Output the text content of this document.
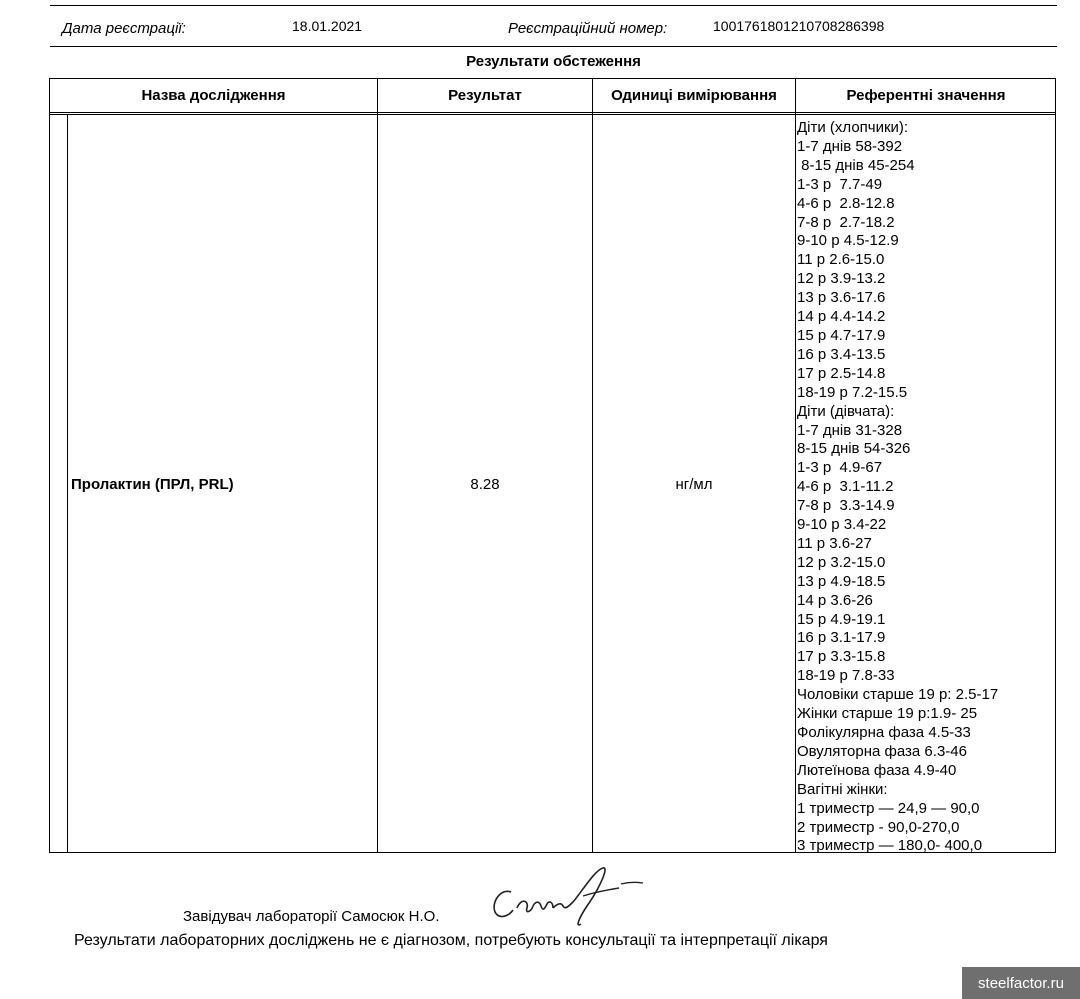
Дата реєстрації:	18.01.2021	Реєстраційний номер:	1001761801210708286398
Результати обстеження
Назва дослідження	Результат	Одиниці вимірювання	Референтні значення
Пролактин (ПРЛ, PRL)	8.28	нг/мл
Діти (хлопчики):
1-7 днів 58-392
8-15 днів 45-254
1-3 р  7.7-49
4-6 р  2.8-12.8
7-8 р  2.7-18.2
9-10 р 4.5-12.9
11 р 2.6-15.0
12 р 3.9-13.2
13 р 3.6-17.6
14 р 4.4-14.2
15 р 4.7-17.9
16 р 3.4-13.5
17 р 2.5-14.8
18-19 р 7.2-15.5
Діти (дівчата):
1-7 днів 31-328
8-15 днів 54-326
1-3 р  4.9-67
4-6 р  3.1-11.2
7-8 р  3.3-14.9
9-10 р 3.4-22
11 р 3.6-27
12 р 3.2-15.0
13 р 4.9-18.5
14 р 3.6-26
15 р 4.9-19.1
16 р 3.1-17.9
17 р 3.3-15.8
18-19 р 7.8-33
Чоловіки старше 19 р: 2.5-17
Жінки старше 19 р:1.9- 25
Фолікулярна фаза 4.5-33
Овуляторна фаза 6.3-46
Лютеїнова фаза 4.9-40
Вагітні жінки:
1 триместр — 24,9 — 90,0
2 триместр - 90,0-270,0
3 триместр — 180,0- 400,0
Завідувач лабораторії Самосюк Н.О.
Результати лабораторних досліджень не є діагнозом, потребують консультації та інтерпретації лікаря
steelfactor.ru
